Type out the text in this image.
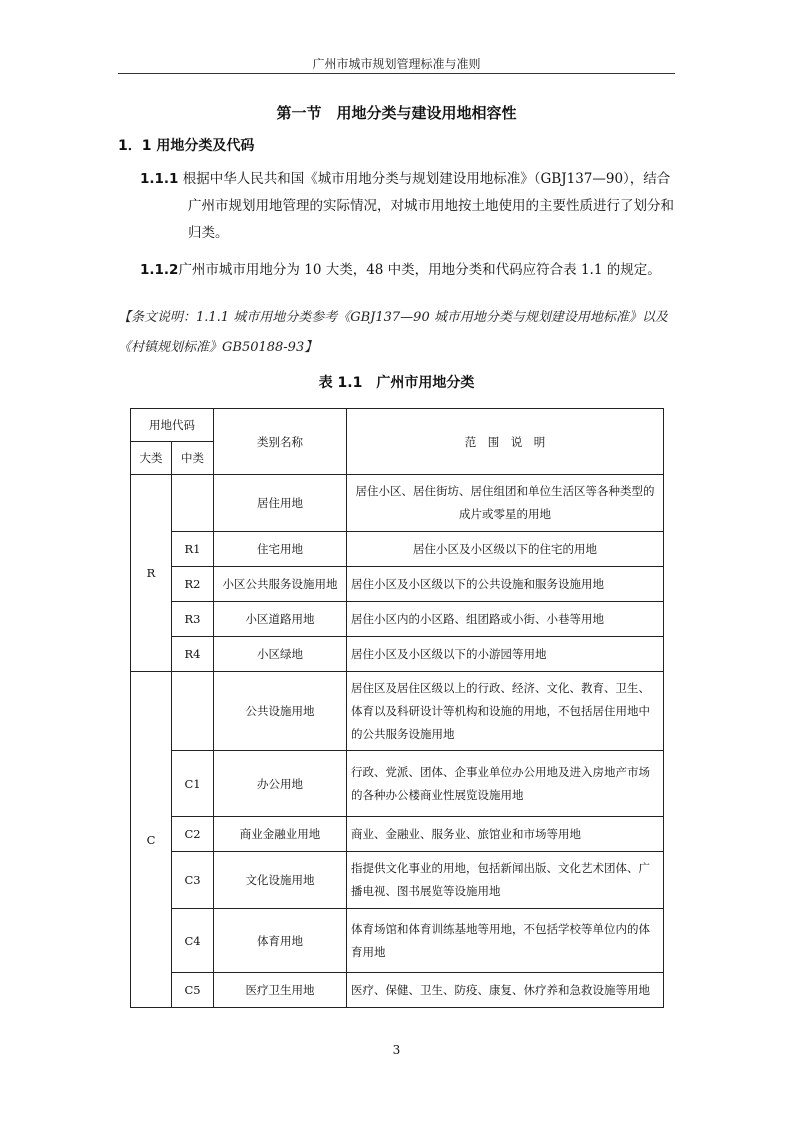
广州市城市规划管理标准与准则
第一节　用地分类与建设用地相容性
1．1 用地分类及代码
1.1.1 根据中华人民共和国《城市用地分类与规划建设用地标准》（GBJ137—90），结合广州市规划用地管理的实际情况，对城市用地按土地使用的主要性质进行了划分和归类。
1.1.2广州市城市用地分为 10 大类，48 中类，用地分类和代码应符合表 1.1 的规定。
【条文说明：1.1.1 城市用地分类参考《GBJ137—90 城市用地分类与规划建设用地标准》以及《村镇规划标准》GB50188-93】
表 1.1　广州市用地分类
用地代码		类别名称	范　围　说　明
大类	中类		
R		居住用地	居住小区、居住街坊、居住组团和单位生活区等各种类型的成片或零星的用地
	R1	住宅用地	居住小区及小区级以下的住宅的用地
	R2	小区公共服务设施用地	居住小区及小区级以下的公共设施和服务设施用地
	R3	小区道路用地	居住小区内的小区路、组团路或小街、小巷等用地
	R4	小区绿地	居住小区及小区级以下的小游园等用地
C		公共设施用地	居住区及居住区级以上的行政、经济、文化、教育、卫生、体育以及科研设计等机构和设施的用地，不包括居住用地中的公共服务设施用地
	C1	办公用地	行政、党派、团体、企事业单位办公用地及进入房地产市场的各种办公楼商业性展览设施用地
	C2	商业金融业用地	商业、金融业、服务业、旅馆业和市场等用地
	C3	文化设施用地	指提供文化事业的用地，包括新闻出版、文化艺术团体、广播电视、图书展览等设施用地
	C4	体育用地	体育场馆和体育训练基地等用地，不包括学校等单位内的体育用地
	C5	医疗卫生用地	医疗、保健、卫生、防疫、康复、休疗养和急救设施等用地
3
